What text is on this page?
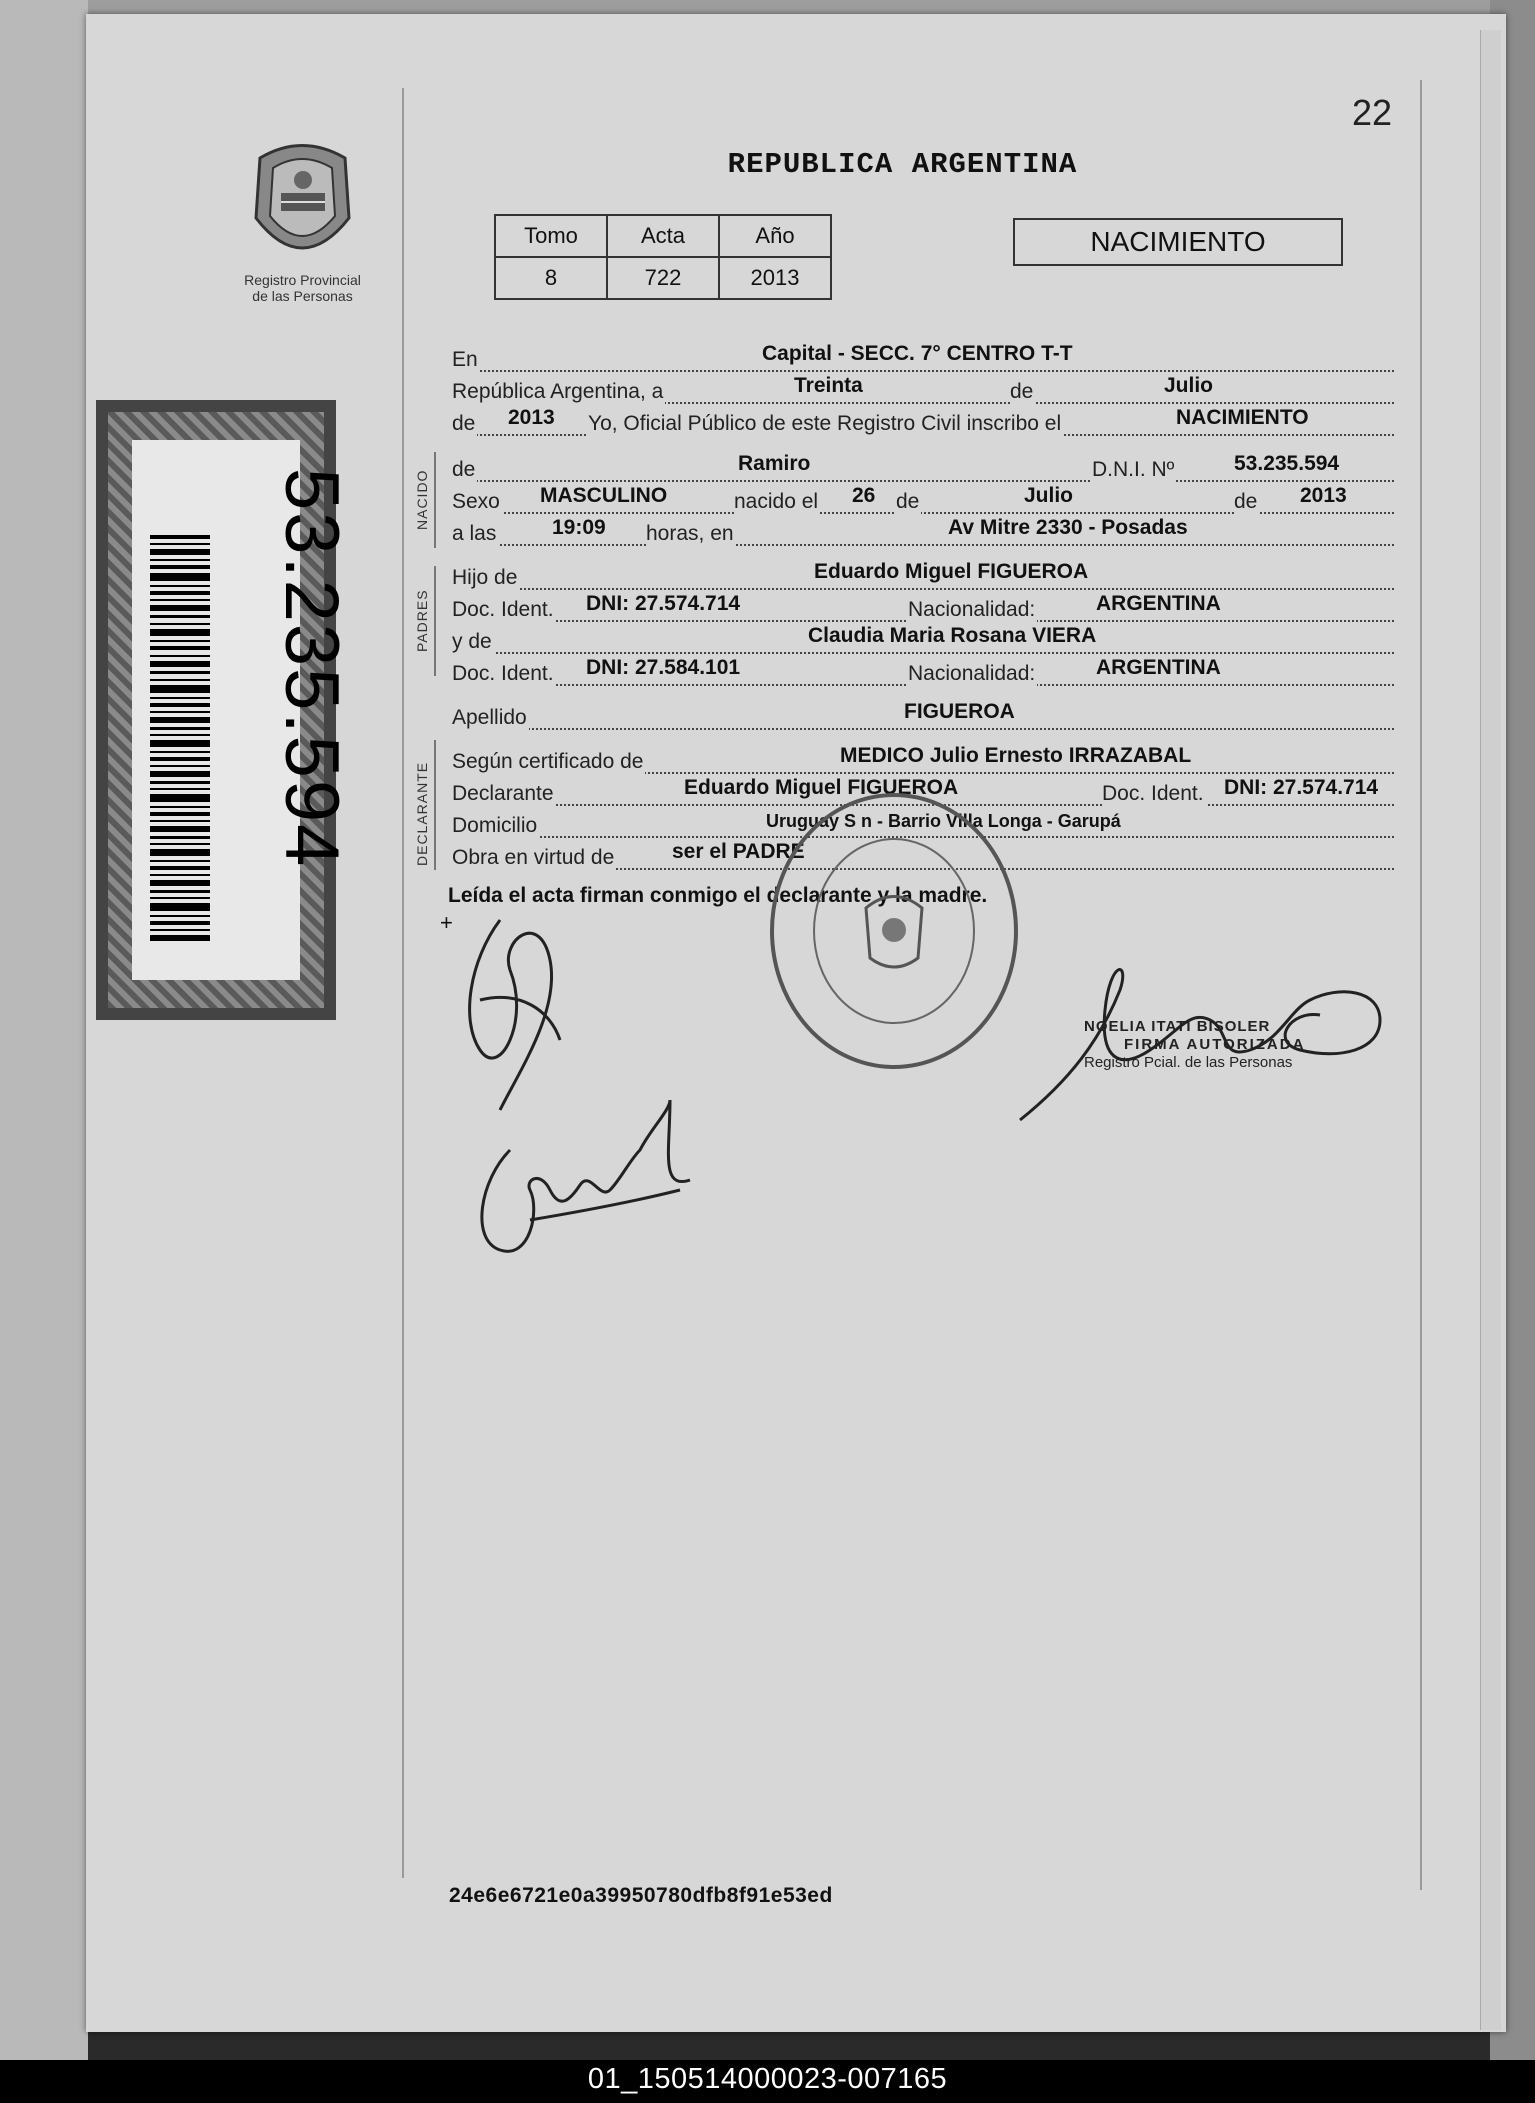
22
REPUBLICA ARGENTINA
Registro Provincial
de las Personas
Tomo	Acta	Año
8	722	2013
NACIMIENTO
53.235.594	NACIDO
PADRES
DECLARANTE
En	Capital - SECC. 7° CENTRO T-T
República Argentina, a	Treinta	de	Julio
de 2013 Yo, Oficial Público de este Registro Civil inscribo el	NACIMIENTO
de	Ramiro	D.N.I. Nº	53.235.594
Sexo MASCULINO	nacido el 26 de	Julio	de 2013
a las	19:09 horas, en	Av Mitre 2330 - Posadas
Hijo de	Eduardo Miguel FIGUEROA
Doc. Ident. DNI: 27.574.714	Nacionalidad:	ARGENTINA
y de	Claudia Maria Rosana VIERA
Doc. Ident. DNI: 27.584.101	Nacionalidad:	ARGENTINA
Apellido	FIGUEROA
Según certificado de	MEDICO Julio Ernesto IRRAZABAL
Declarante	Eduardo Miguel FIGUEROA	Doc. Ident. DNI: 27.574.714
Domicilio	Uruguay S n - Barrio Villa Longa - Garupá
Obra en virtud de	ser el PADRE
Leída el acta firman conmigo el declarante y la madre.
+
NOELIA ITATI BISOLER
FIRMA AUTORIZADA
Registro Pcial. de las Personas
24e6e6721e0a39950780dfb8f91e53ed
01_150514000023-007165
